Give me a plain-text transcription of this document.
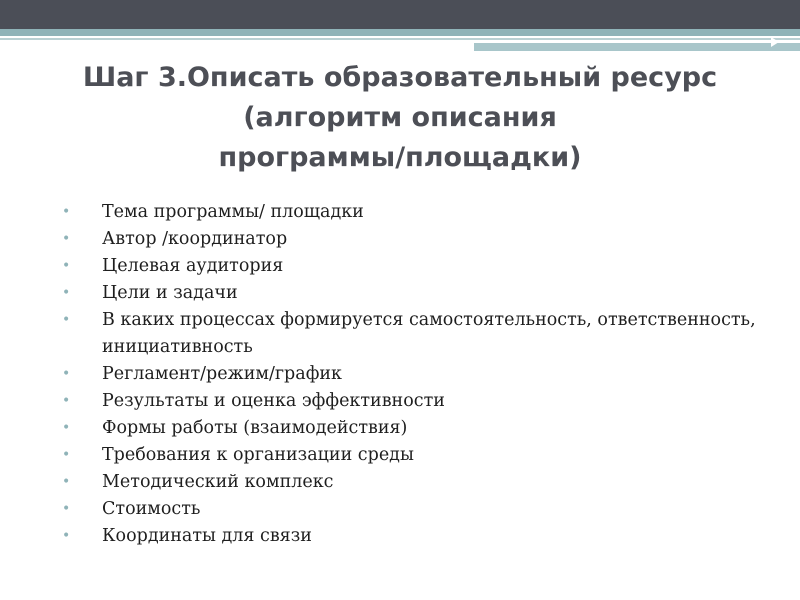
Шаг 3.Описать образовательный ресурс
(алгоритм описания
программы/площадки)
• Тема программы/ площадки
• Автор /координатор
• Целевая аудитория
• Цели и задачи
• В каких процессах формируется самостоятельность, ответственность, инициативность
• Регламент/режим/график
• Результаты и оценка эффективности
• Формы работы (взаимодействия)
• Требования к организации среды
• Методический комплекс
• Стоимость
• Координаты для связи
